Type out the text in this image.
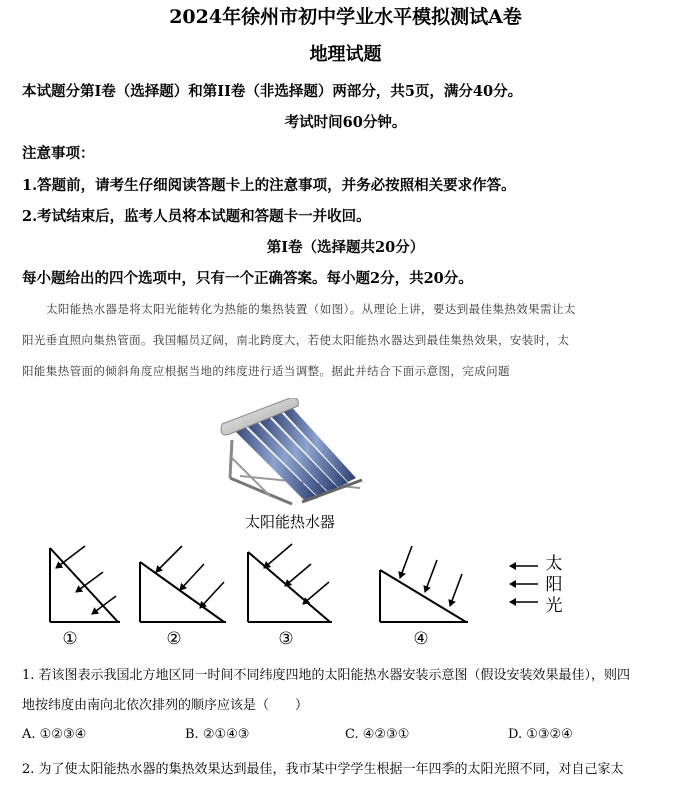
2024年徐州市初中学业水平模拟测试A卷
地理试题
本试题分第I卷（选择题）和第II卷（非选择题）两部分，共5页，满分40分。
考试时间60分钟。
注意事项：
1.答题前，请考生仔细阅读答题卡上的注意事项，并务必按照相关要求作答。
2.考试结束后，监考人员将本试题和答题卡一并收回。
第I卷（选择题共20分）
每小题给出的四个选项中，只有一个正确答案。每小题2分，共20分。

太阳能热水器是将太阳光能转化为热能的集热装置（如图）。从理论上讲，要达到最佳集热效果需让太

阳光垂直照向集热管面。我国幅员辽阔，南北跨度大，若使太阳能热水器达到最佳集热效果，安装时，太

阳能集热管面的倾斜角度应根据当地的纬度进行适当调整。据此并结合下面示意图，完成问题

太阳能热水器
①	②	③	④
太
阳
光
1. 若该图表示我国北方地区同一时间不同纬度四地的太阳能热水器安装示意图（假设安装效果最佳），则四
地按纬度由南向北依次排列的顺序应该是（　　）
A. ①②③④	B. ②①④③	C. ④②③①	D. ①③②④
2. 为了使太阳能热水器的集热效果达到最佳，我市某中学学生根据一年四季的太阳光照不同，对自己家太
